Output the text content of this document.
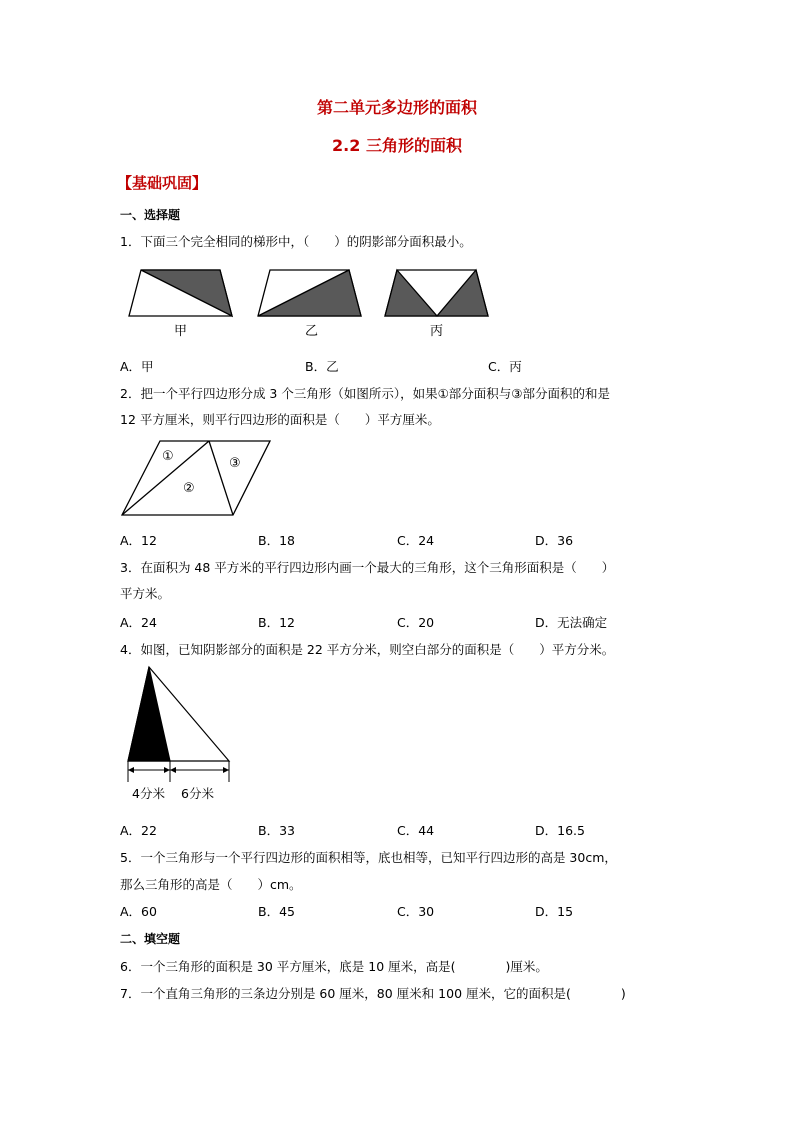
第二单元多边形的面积
2.2 三角形的面积
【基础巩固】
一、选择题
1．下面三个完全相同的梯形中，（　　）的阴影部分面积最小。
甲	乙	丙
A．甲	B．乙	C．丙
2．把一个平行四边形分成 3 个三角形（如图所示），如果①部分面积与③部分面积的和是
12 平方厘米，则平行四边形的面积是（　　）平方厘米。
①
②
③
A．12	B．18	C．24	D．36
3．在面积为 48 平方米的平行四边形内画一个最大的三角形，这个三角形面积是（　　）
平方米。
A．24	B．12	C．20	D．无法确定
4．如图，已知阴影部分的面积是 22 平方分米，则空白部分的面积是（　　）平方分米。
4分米 6分米
A．22	B．33	C．44	D．16.5
5．一个三角形与一个平行四边形的面积相等，底也相等，已知平行四边形的高是 30cm，
那么三角形的高是（　　）cm。
A．60	B．45	C．30	D．15
二、填空题
6．一个三角形的面积是 30 平方厘米，底是 10 厘米，高是(　　　　)厘米。
7．一个直角三角形的三条边分别是 60 厘米，80 厘米和 100 厘米，它的面积是(　　　　)
